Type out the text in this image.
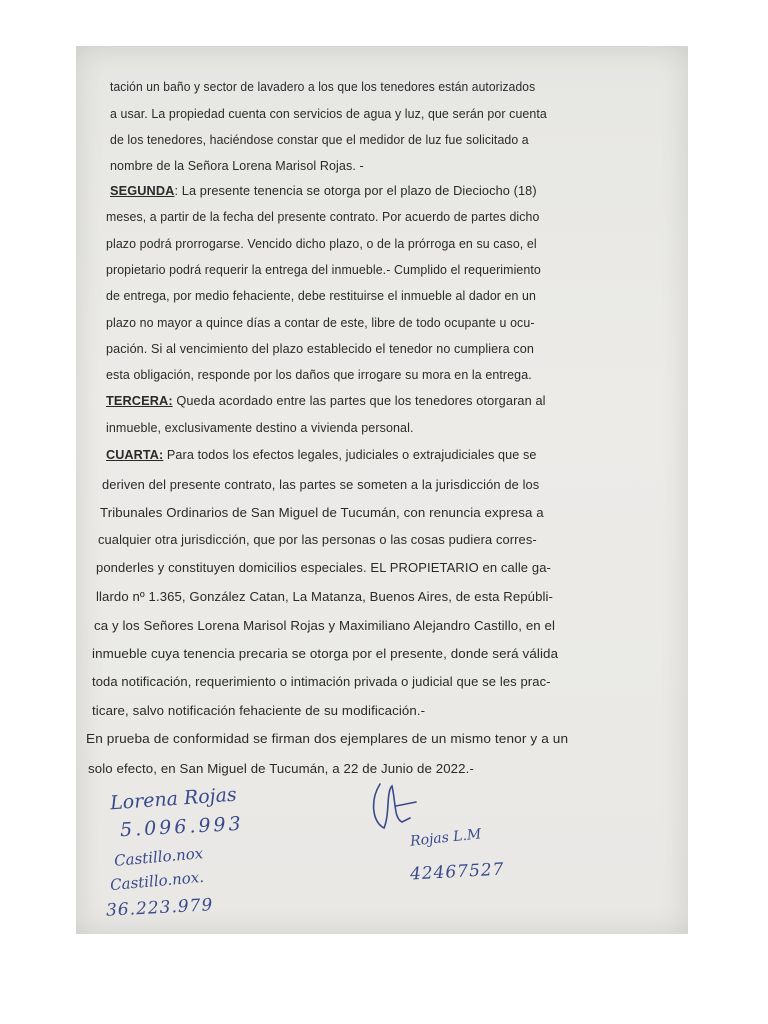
tación un baño y sector de lavadero a los que los tenedores están autorizados
a usar. La propiedad cuenta con servicios de agua y luz, que serán por cuenta
de los tenedores, haciéndose constar que el medidor de luz fue solicitado a
nombre de la Señora Lorena Marisol Rojas. -
SEGUNDA: La presente tenencia se otorga por el plazo de Dieciocho (18)
meses, a partir de la fecha del presente contrato. Por acuerdo de partes dicho
plazo podrá prorrogarse. Vencido dicho plazo, o de la prórroga en su caso, el
propietario podrá requerir la entrega del inmueble.- Cumplido el requerimiento
de entrega, por medio fehaciente, debe restituirse el inmueble al dador en un
plazo no mayor a quince días a contar de este, libre de todo ocupante u ocu-
pación. Si al vencimiento del plazo establecido el tenedor no cumpliera con
esta obligación, responde por los daños que irrogare su mora en la entrega.
TERCERA: Queda acordado entre las partes que los tenedores otorgaran al
inmueble, exclusivamente destino a vivienda personal.
CUARTA: Para todos los efectos legales, judiciales o extrajudiciales que se
deriven del presente contrato, las partes se someten a la jurisdicción de los
Tribunales Ordinarios de San Miguel de Tucumán, con renuncia expresa a
cualquier otra jurisdicción, que por las personas o las cosas pudiera corres-
ponderles y constituyen domicilios especiales. EL PROPIETARIO en calle ga-
llardo nº 1.365, González Catan, La Matanza, Buenos Aires, de esta Repúbli-
ca y los Señores Lorena Marisol Rojas y Maximiliano Alejandro Castillo, en el
inmueble cuya tenencia precaria se otorga por el presente, donde será válida
toda notificación, requerimiento o intimación privada o judicial que se les prac-
ticare, salvo notificación fehaciente de su modificación.-
En prueba de conformidad se firman dos ejemplares de un mismo tenor y a un
solo efecto, en San Miguel de Tucumán, a 22 de Junio de 2022.-
Lorena Rojas
5.096.993
Castillo.nox
Castillo.nox.
36.223.979
Rojas L.M
42467527
